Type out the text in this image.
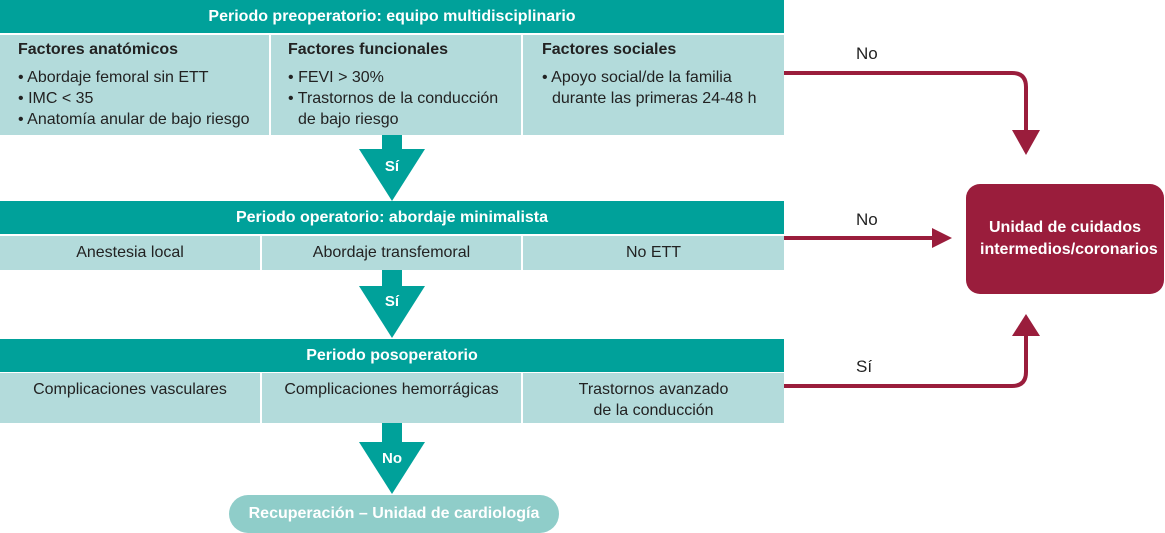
Periodo preoperatorio: equipo multidisciplinario
Factores anatómicos
• Abordaje femoral sin ETT
• IMC < 35
• Anatomía anular de bajo riesgo
Factores funcionales
• FEVI > 30%
• Trastornos de la conducción
de bajo riesgo
Factores sociales
• Apoyo social/de la familia
durante las primeras 24-48 h
Periodo operatorio: abordaje minimalista
Anestesia local	Abordaje transfemoral	No ETT
Periodo posoperatorio
Complicaciones vasculares	Complicaciones hemorrágicas	Trastornos avanzado
de la conducción
Sí
Sí
No
No
No
Sí
Unidad de cuidados intermedios/coronarios
Recuperación – Unidad de cardiología
